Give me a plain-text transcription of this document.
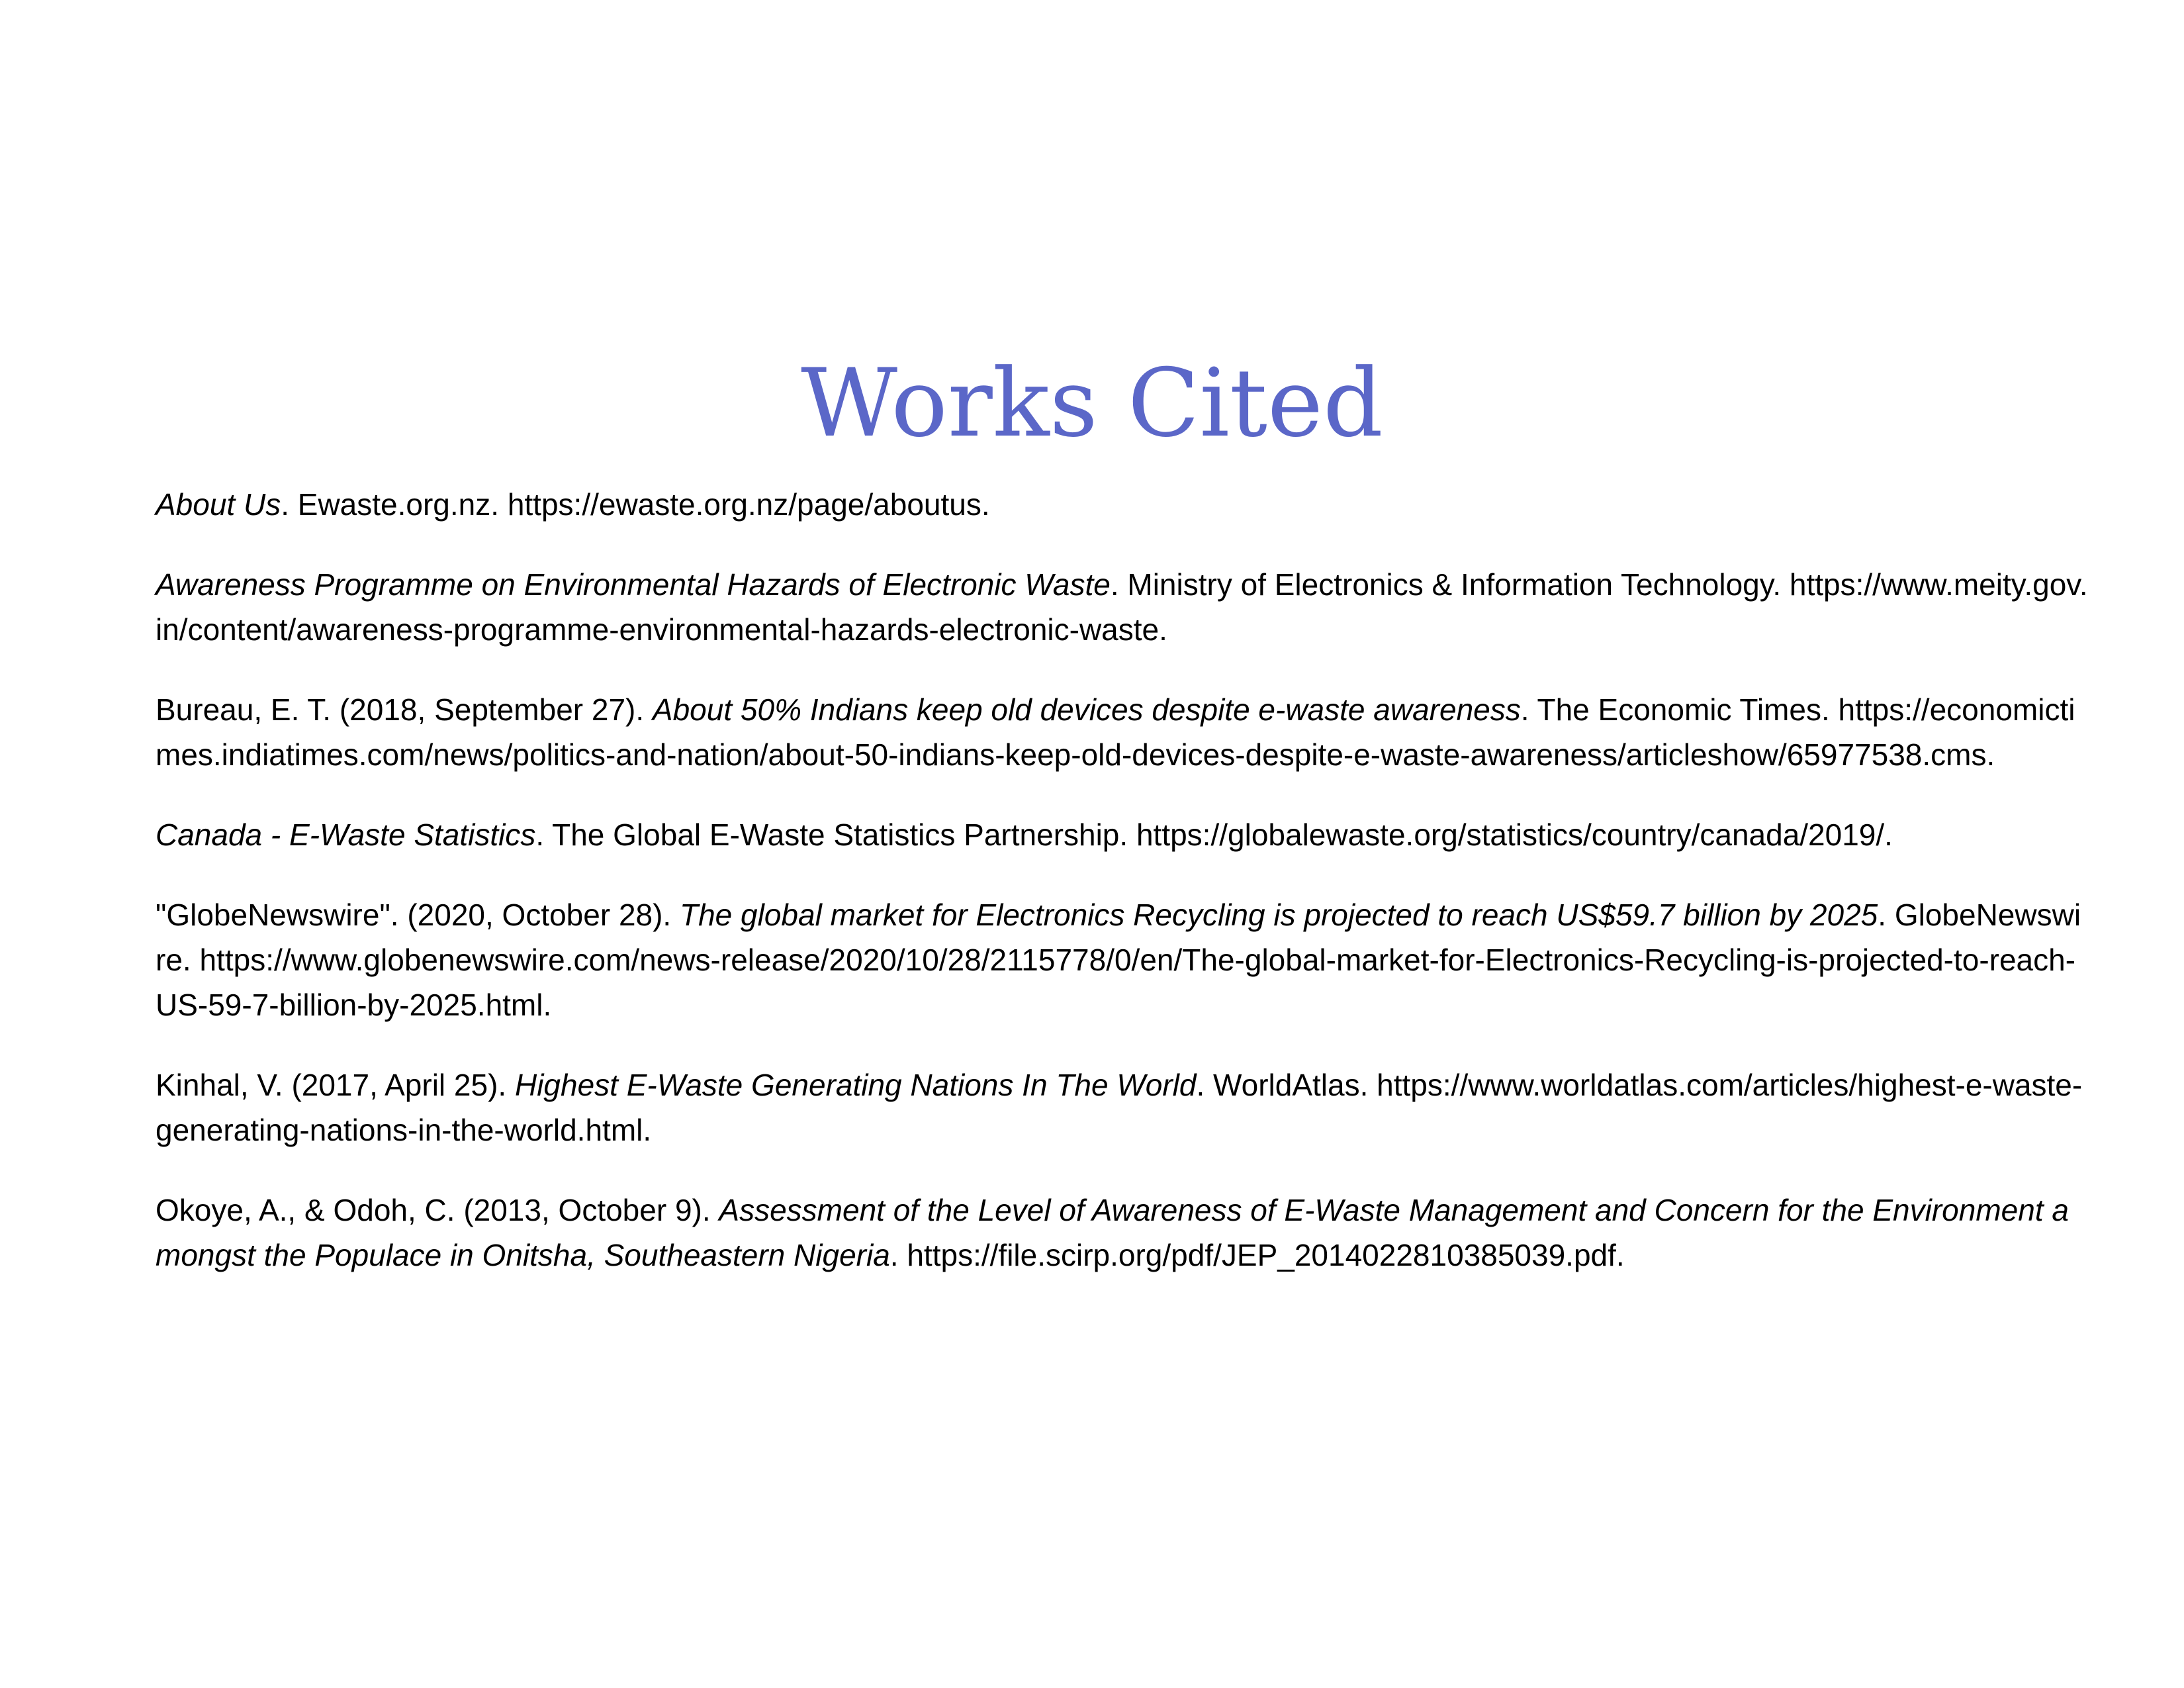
Works Cited

About Us. Ewaste.org.nz. https://ewaste.org.nz/page/aboutus.

Awareness Programme on Environmental Hazards of Electronic Waste. Ministry of Electronics & Information Technology. https://www.meity.gov.in/content/awareness-programme-environmental-hazards-electronic-waste.

Bureau, E. T. (2018, September 27). About 50% Indians keep old devices despite e-waste awareness. The Economic Times. https://economictimes.indiatimes.com/news/politics-and-nation/about-50-indians-keep-old-devices-despite-e-waste-awareness/articleshow/65977538.cms.

Canada - E-Waste Statistics. The Global E-Waste Statistics Partnership. https://globalewaste.org/statistics/country/canada/2019/.

"GlobeNewswire". (2020, October 28). The global market for Electronics Recycling is projected to reach US$59.7 billion by 2025. GlobeNewswire. https://www.globenewswire.com/news-release/2020/10/28/2115778/0/en/The-global-market-for-Electronics-Recycling-is-projected-to-reach-US-59-7-billion-by-2025.html.

Kinhal, V. (2017, April 25). Highest E-Waste Generating Nations In The World. WorldAtlas. https://www.worldatlas.com/articles/highest-e-waste-generating-nations-in-the-world.html.

Okoye, A., & Odoh, C. (2013, October 9). Assessment of the Level of Awareness of E-Waste Management and Concern for the Environment amongst the Populace in Onitsha, Southeastern Nigeria. https://file.scirp.org/pdf/JEP_2014022810385039.pdf.
